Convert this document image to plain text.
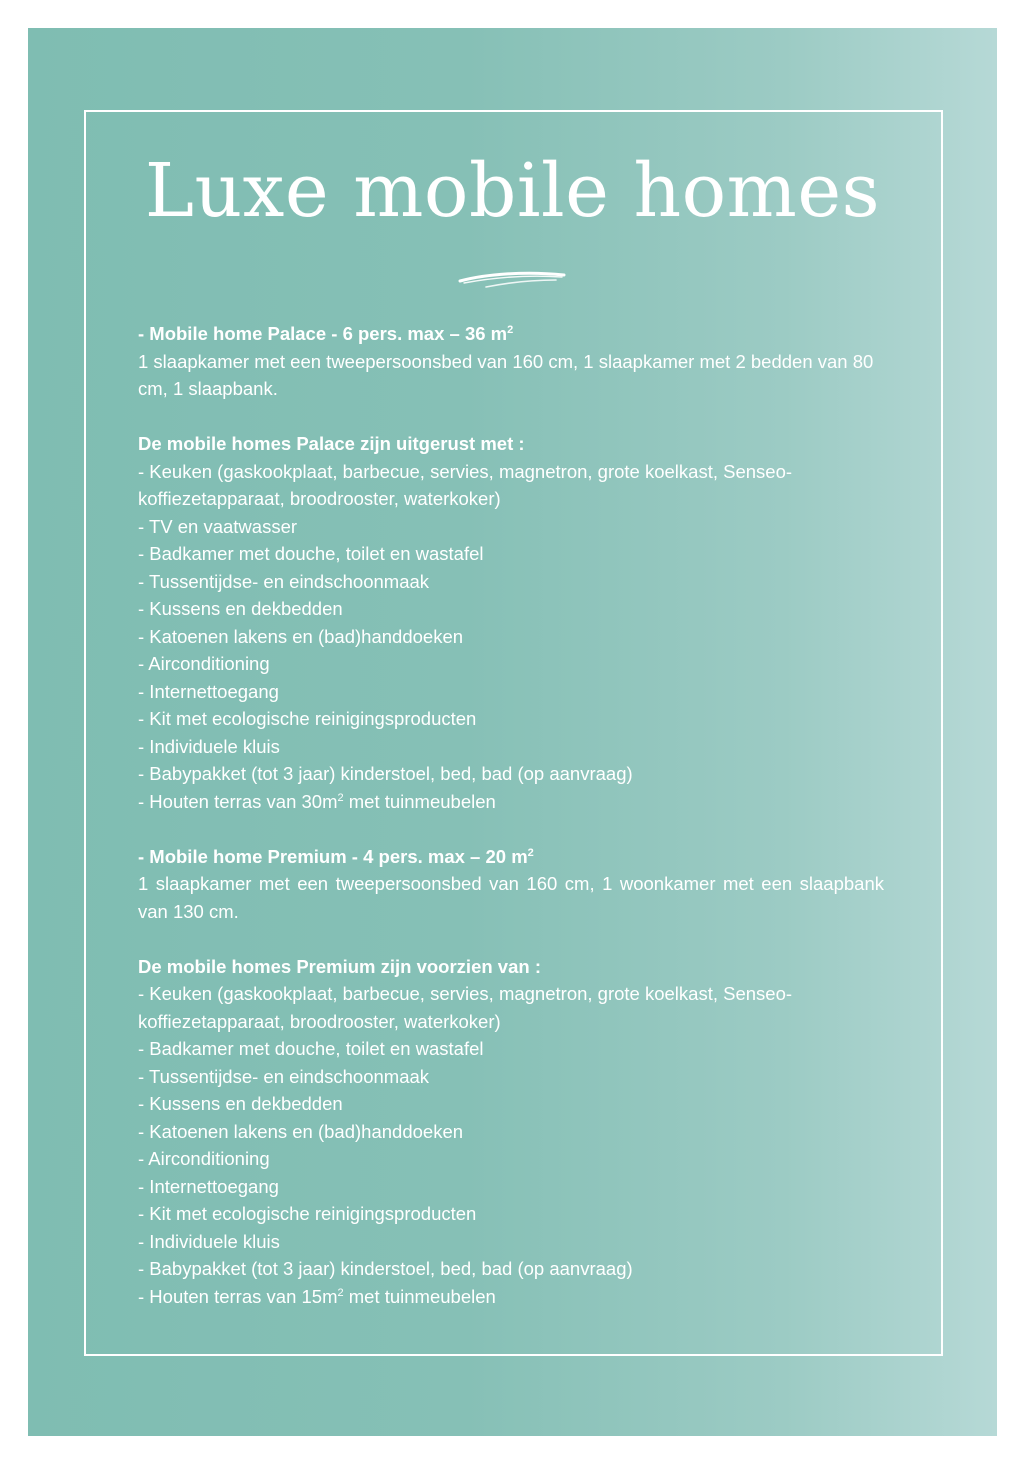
Luxe mobile homes

- Mobile home Palace - 6 pers. max – 36 $m^2$

1 slaapkamer met een tweepersoonsbed van 160 cm, 1 slaapkamer met 2 bedden van 80 cm, 1 slaapbank.

De mobile homes Palace zijn uitgerust met :

- Keuken (gaskookplaat, barbecue, servies, magnetron, grote koelkast, Senseo-koffiezetapparaat, broodrooster, waterkoker)

- TV en vaatwasser

- Badkamer met douche, toilet en wastafel

- Tussentijdse- en eindschoonmaak

- Kussens en dekbedden

- Katoenen lakens en (bad)handdoeken

- Airconditioning

- Internettoegang

- Kit met ecologische reinigingsproducten

- Individuele kluis

- Babypakket (tot 3 jaar) kinderstoel, bed, bad (op aanvraag)

- Houten terras van $30m^2$ met tuinmeubelen

- Mobile home Premium - 4 pers. max – 20 $m^2$

1 slaapkamer met een tweepersoonsbed van 160 cm, 1 woonkamer met een slaapbank van 130 cm.

De mobile homes Premium zijn voorzien van :

- Keuken (gaskookplaat, barbecue, servies, magnetron, grote koelkast, Senseo-koffiezetapparaat, broodrooster, waterkoker)

- Badkamer met douche, toilet en wastafel

- Tussentijdse- en eindschoonmaak

- Kussens en dekbedden

- Katoenen lakens en (bad)handdoeken

- Airconditioning

- Internettoegang

- Kit met ecologische reinigingsproducten

- Individuele kluis

- Babypakket (tot 3 jaar) kinderstoel, bed, bad (op aanvraag)

- Houten terras van $15m^2$ met tuinmeubelen
